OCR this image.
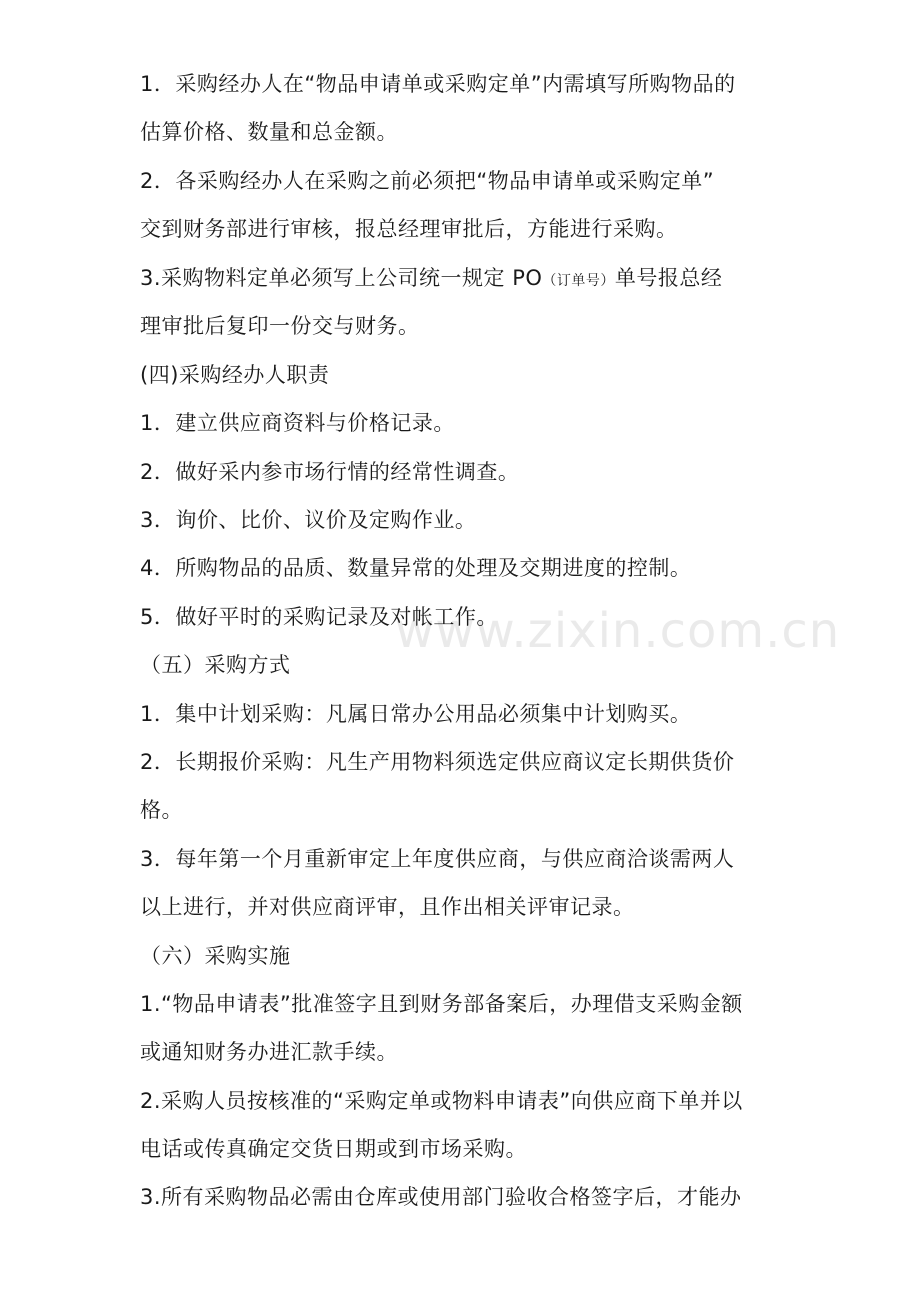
www.zixin.com.cn
1．采购经办人在“物品申请单或采购定单”内需填写所购物品的
估算价格、数量和总金额。
2．各采购经办人在采购之前必须把“物品申请单或采购定单”
交到财务部进行审核，报总经理审批后，方能进行采购。
3.采购物料定单必须写上公司统一规定 PO（订单号）单号报总经
理审批后复印一份交与财务。
(四)采购经办人职责
1．建立供应商资料与价格记录。
2．做好采内参市场行情的经常性调查。
3．询价、比价、议价及定购作业。
4．所购物品的品质、数量异常的处理及交期进度的控制。
5．做好平时的采购记录及对帐工作。
（五）采购方式
1．集中计划采购：凡属日常办公用品必须集中计划购买。
2．长期报价采购：凡生产用物料须选定供应商议定长期供货价
格。
3．每年第一个月重新审定上年度供应商，与供应商洽谈需两人
以上进行，并对供应商评审，且作出相关评审记录。
（六）采购实施
1.“物品申请表”批准签字且到财务部备案后，办理借支采购金额
或通知财务办进汇款手续。
2.采购人员按核准的“采购定单或物料申请表”向供应商下单并以
电话或传真确定交货日期或到市场采购。
3.所有采购物品必需由仓库或使用部门验收合格签字后，才能办
